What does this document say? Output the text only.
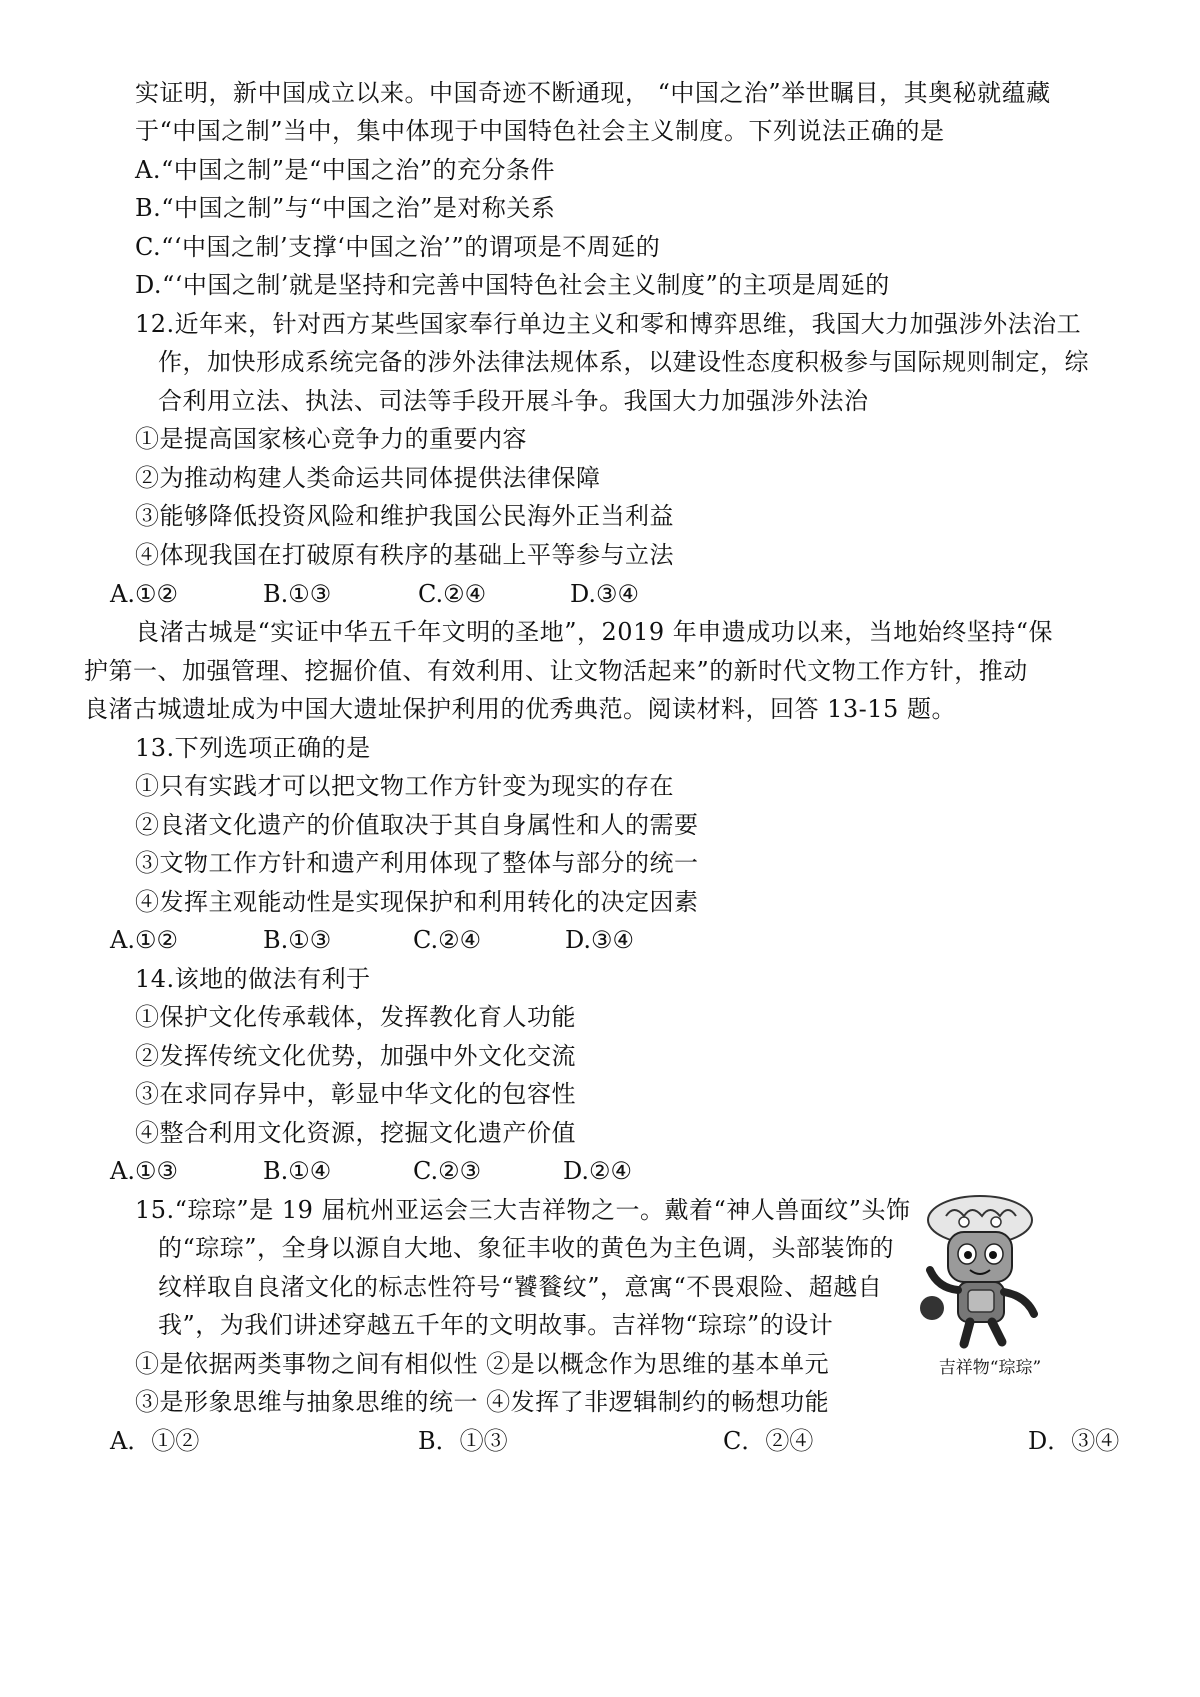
实证明，新中国成立以来。中国奇迹不断通现， “中国之治”举世瞩目，其奥秘就蕴藏
于“中国之制”当中，集中体现于中国特色社会主义制度。下列说法正确的是
A.“中国之制”是“中国之治”的充分条件
B.“中国之制”与“中国之治”是对称关系
C.“‘中国之制’支撑‘中国之治’”的谓项是不周延的
D.“‘中国之制’就是坚持和完善中国特色社会主义制度”的主项是周延的
12.近年来，针对西方某些国家奉行单边主义和零和博弈思维，我国大力加强涉外法治工
作，加快形成系统完备的涉外法律法规体系，以建设性态度积极参与国际规则制定，综
合利用立法、执法、司法等手段开展斗争。我国大力加强涉外法治
①是提高国家核心竞争力的重要内容
②为推动构建人类命运共同体提供法律保障
③能够降低投资风险和维护我国公民海外正当利益
④体现我国在打破原有秩序的基础上平等参与立法
A.①②	B.①③	C.②④	D.③④
良渚古城是“实证中华五千年文明的圣地”，2019 年申遗成功以来，当地始终坚持“保
护第一、加强管理、挖掘价值、有效利用、让文物活起来”的新时代文物工作方针，推动
良渚古城遗址成为中国大遗址保护利用的优秀典范。阅读材料，回答 13-15 题。
13.下列选项正确的是
①只有实践才可以把文物工作方针变为现实的存在
②良渚文化遗产的价值取决于其自身属性和人的需要
③文物工作方针和遗产利用体现了整体与部分的统一
④发挥主观能动性是实现保护和利用转化的决定因素
A.①②	B.①③	C.②④	D.③④
14.该地的做法有利于
①保护文化传承载体，发挥教化育人功能
②发挥传统文化优势，加强中外文化交流
③在求同存异中，彰显中华文化的包容性
④整合利用文化资源，挖掘文化遗产价值
A.①③	B.①④	C.②③	D.②④
15.“琮琮”是 19 届杭州亚运会三大吉祥物之一。戴着“神人兽面纹”头饰
的“琮琮”，全身以源自大地、象征丰收的黄色为主色调，头部装饰的
纹样取自良渚文化的标志性符号“饕餮纹”，意寓“不畏艰险、超越自
我”，为我们讲述穿越五千年的文明故事。吉祥物“琮琮”的设计
①是依据两类事物之间有相似性 ②是以概念作为思维的基本单元
③是形象思维与抽象思维的统一 ④发挥了非逻辑制约的畅想功能
A．①②	B．①③	C．②④	D．③④
吉祥物“琮琮”
